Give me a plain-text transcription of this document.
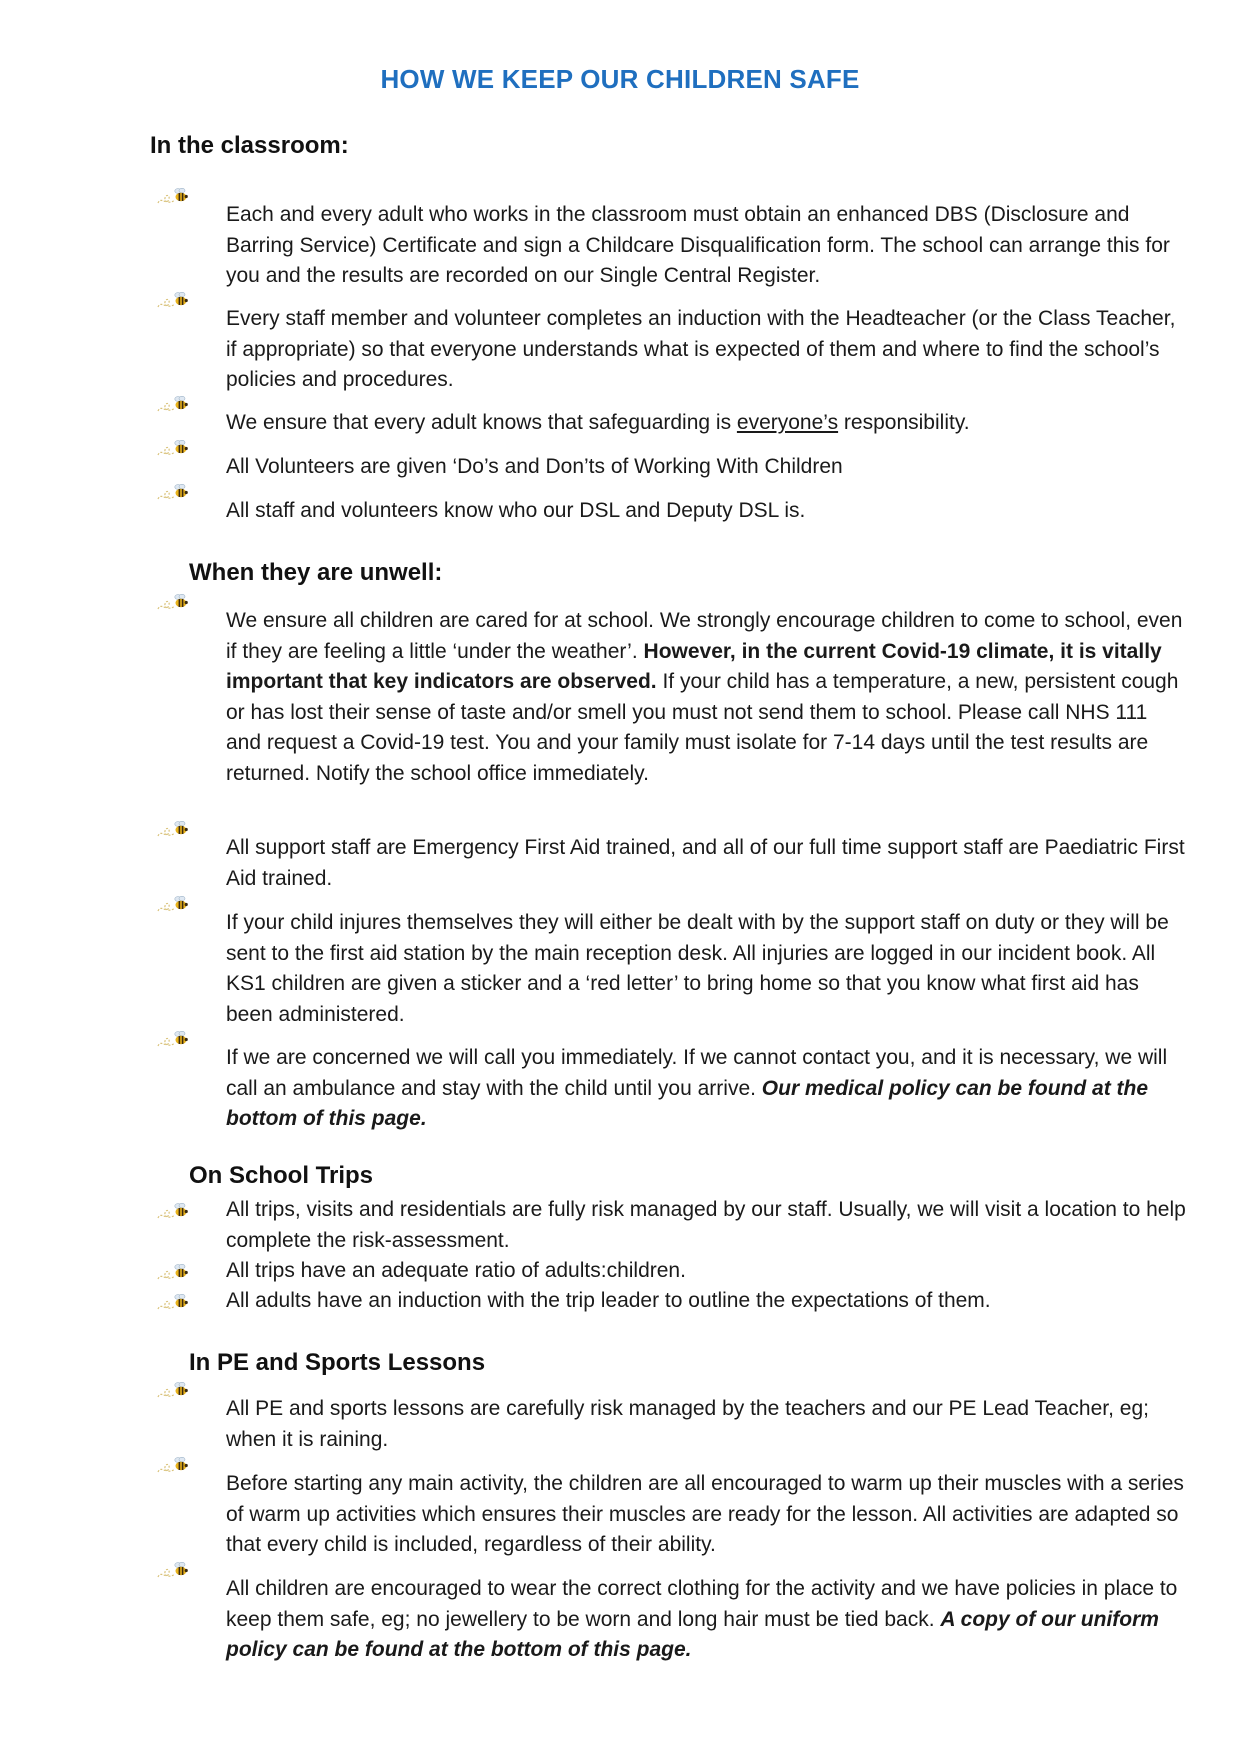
HOW WE KEEP OUR CHILDREN SAFE
In the classroom:

Each and every adult who works in the classroom must obtain an enhanced DBS (Disclosure and Barring Service) Certificate and sign a Childcare Disqualification form. The school can arrange this for you and the results are recorded on our Single Central Register.

Every staff member and volunteer completes an induction with the Headteacher (or the Class Teacher, if appropriate) so that everyone understands what is expected of them and where to find the school’s policies and procedures.

We ensure that every adult knows that safeguarding is everyone’s responsibility.

All Volunteers are given ‘Do’s and Don’ts of Working With Children

All staff and volunteers know who our DSL and Deputy DSL is.

When they are unwell:

We ensure all children are cared for at school. We strongly encourage children to come to school, even if they are feeling a little ‘under the weather’. However, in the current Covid-19 climate, it is vitally important that key indicators are observed. If your child has a temperature, a new, persistent cough or has lost their sense of taste and/or smell you must not send them to school. Please call NHS 111 and request a Covid-19 test. You and your family must isolate for 7-14 days until the test results are returned. Notify the school office immediately.

All support staff are Emergency First Aid trained, and all of our full time support staff are Paediatric First Aid trained.

If your child injures themselves they will either be dealt with by the support staff on duty or they will be sent to the first aid station by the main reception desk. All injuries are logged in our incident book. All KS1 children are given a sticker and a ‘red letter’ to bring home so that you know what first aid has been administered.

If we are concerned we will call you immediately. If we cannot contact you, and it is necessary, we will call an ambulance and stay with the child until you arrive. Our medical policy can be found at the bottom of this page.

On School Trips

All trips, visits and residentials are fully risk managed by our staff. Usually, we will visit a location to help complete the risk-assessment.

All trips have an adequate ratio of adults:children.

All adults have an induction with the trip leader to outline the expectations of them.

In PE and Sports Lessons

All PE and sports lessons are carefully risk managed by the teachers and our PE Lead Teacher, eg; when it is raining.

Before starting any main activity, the children are all encouraged to warm up their muscles with a series of warm up activities which ensures their muscles are ready for the lesson. All activities are adapted so that every child is included, regardless of their ability.

All children are encouraged to wear the correct clothing for the activity and we have policies in place to keep them safe, eg; no jewellery to be worn and long hair must be tied back. A copy of our uniform policy can be found at the bottom of this page.
